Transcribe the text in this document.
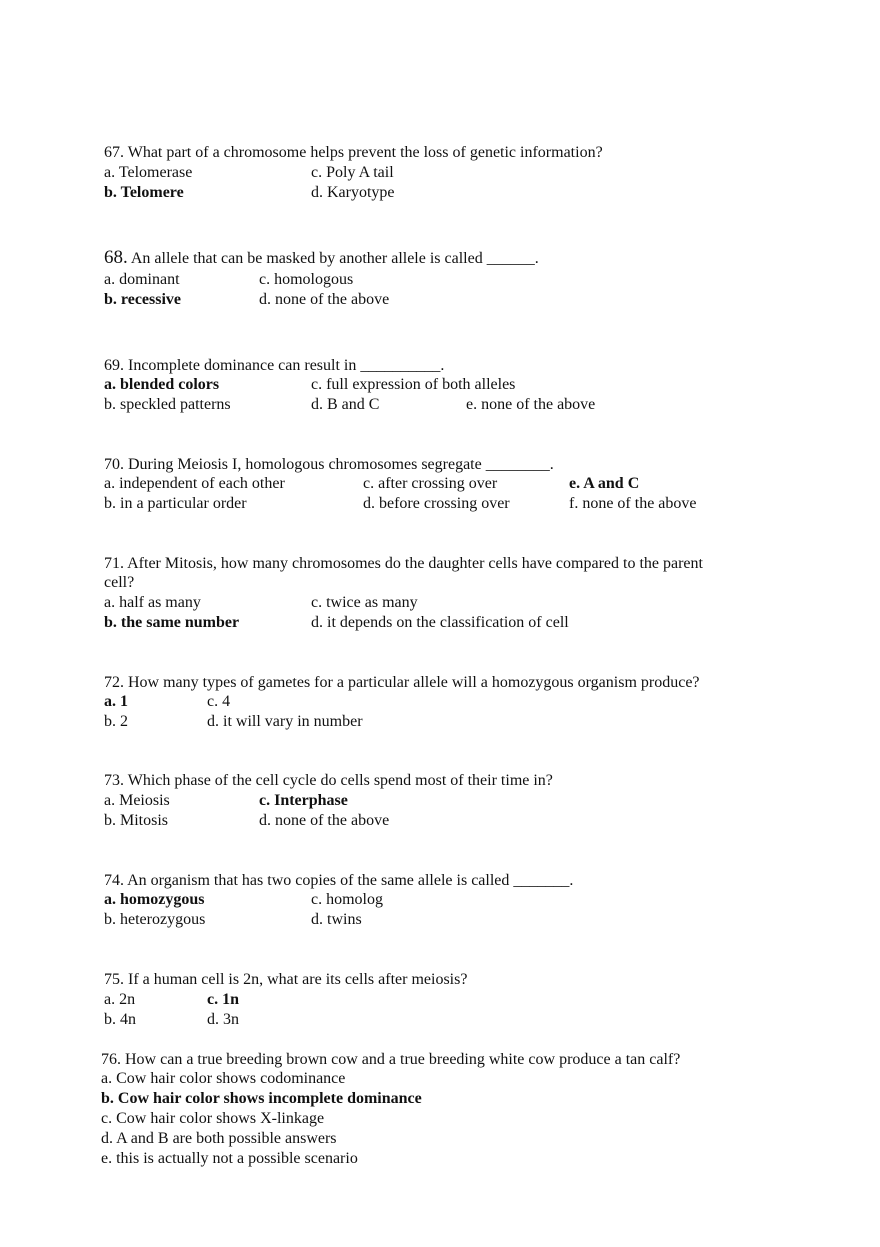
67. What part of a chromosome helps prevent the loss of genetic information?
a. Telomerase	c. Poly A tail
b. Telomere	d. Karyotype
68. An allele that can be masked by another allele is called ______.
a. dominant	c. homologous
b. recessive	d. none of the above
69. Incomplete dominance can result in __________.
a. blended colors	c. full expression of both alleles
b. speckled patterns	d. B and C	e. none of the above
70. During Meiosis I, homologous chromosomes segregate ________.
a. independent of each other	c. after crossing over	e. A and C
b. in a particular order	d. before crossing over	f. none of the above
71. After Mitosis, how many chromosomes do the daughter cells have compared to the parent
cell?
a. half as many	c. twice as many
b. the same number	d. it depends on the classification of cell
72. How many types of gametes for a particular allele will a homozygous organism produce?
a. 1	c. 4
b. 2	d. it will vary in number
73. Which phase of the cell cycle do cells spend most of their time in?
a. Meiosis	c. Interphase
b. Mitosis	d. none of the above
74. An organism that has two copies of the same allele is called _______.
a. homozygous	c. homolog
b. heterozygous	d. twins
75. If a human cell is 2n, what are its cells after meiosis?
a. 2n	c. 1n
b. 4n	d. 3n
76. How can a true breeding brown cow and a true breeding white cow produce a tan calf?
a. Cow hair color shows codominance
b. Cow hair color shows incomplete dominance
c. Cow hair color shows X-linkage
d. A and B are both possible answers
e. this is actually not a possible scenario
